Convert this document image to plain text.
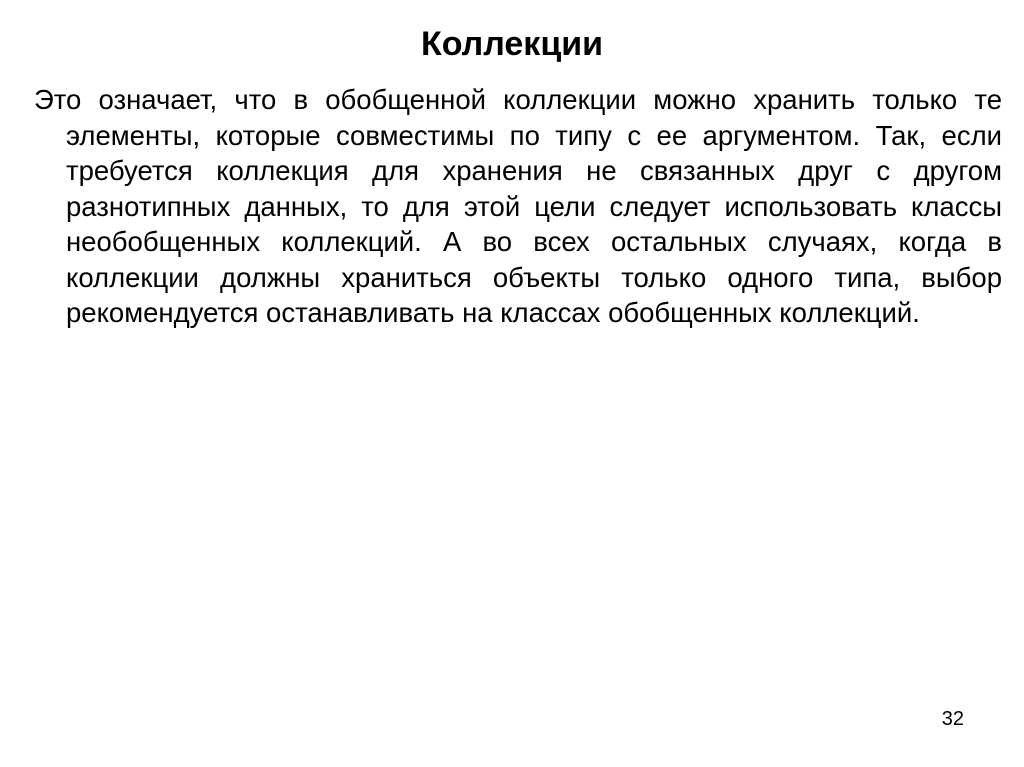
Коллекции

Это означает, что в обобщенной коллекции можно хранить только те элементы, которые совместимы по типу с ее аргументом. Так, если требуется коллекция для хранения не связанных друг с другом разнотипных данных, то для этой цели следует использовать классы необобщенных коллекций. А во всех остальных случаях, когда в коллекции должны храниться объекты только одного типа, выбор рекомендуется останавливать на классах обобщенных коллекций.

32
